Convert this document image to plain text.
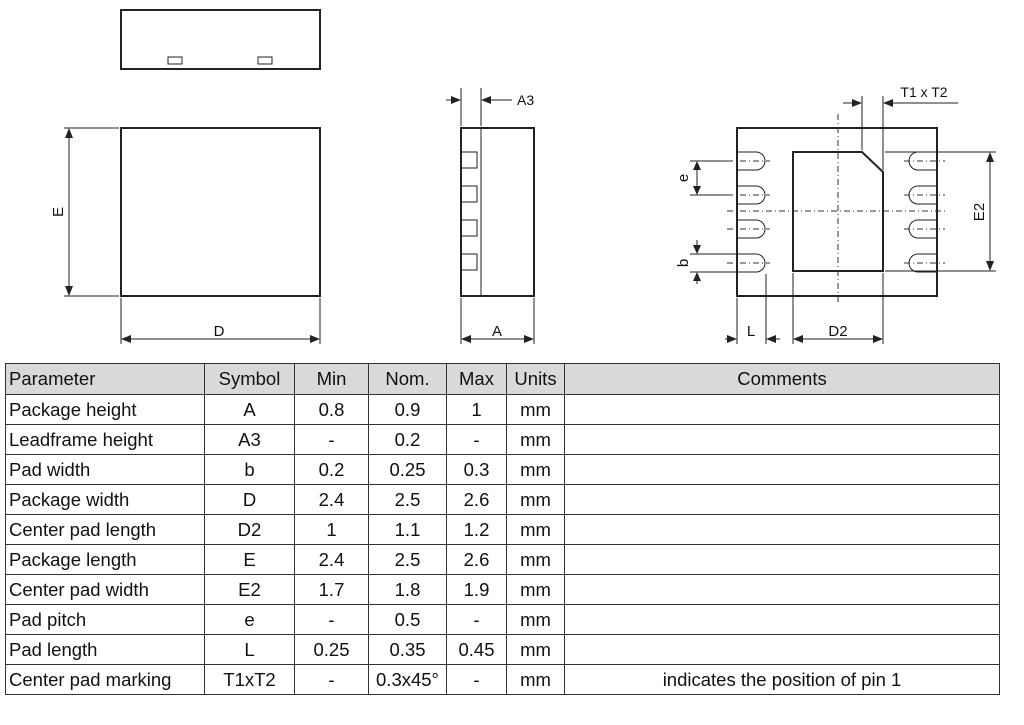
E
D
A3
A
T1 x T2
e
b
E2
L	D2
Parameter	Symbol	Min	Nom.	Max	Units	Comments
Package height	A	0.8	0.9	1	mm	
Leadframe height	A3	-	0.2	-	mm	
Pad width	b	0.2	0.25	0.3	mm	
Package width	D	2.4	2.5	2.6	mm	
Center pad length	D2	1	1.1	1.2	mm	
Package length	E	2.4	2.5	2.6	mm	
Center pad width	E2	1.7	1.8	1.9	mm	
Pad pitch	e	-	0.5	-	mm	
Pad length	L	0.25	0.35	0.45	mm	
Center pad marking	T1xT2	-	0.3x45°	-	mm	indicates the position of pin 1
